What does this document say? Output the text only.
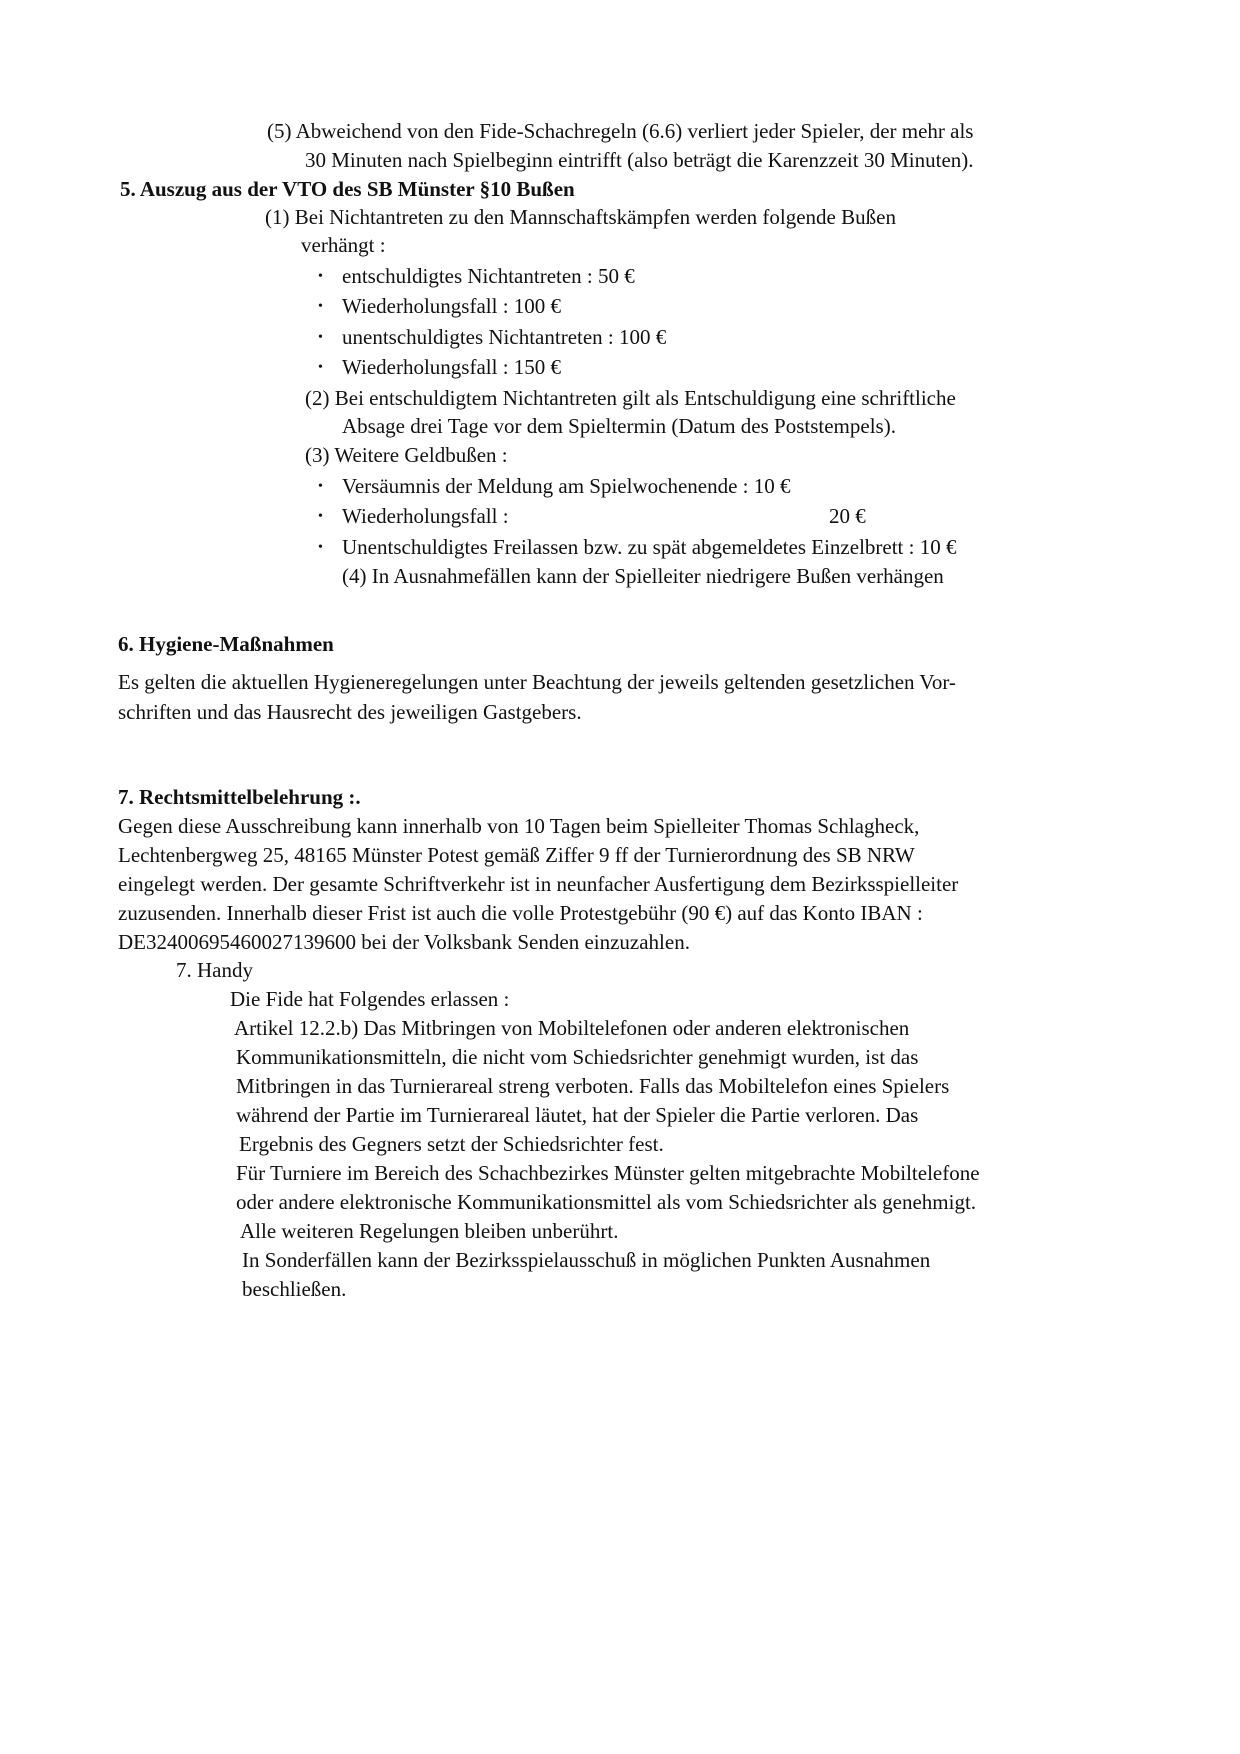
(5) Abweichend von den Fide-Schachregeln (6.6) verliert jeder Spieler, der mehr als
30 Minuten nach Spielbeginn eintrifft (also beträgt die Karenzzeit 30 Minuten).
5. Auszug aus der VTO des SB Münster §10 Bußen
(1) Bei Nichtantreten zu den Mannschaftskämpfen werden folgende Bußen
verhängt :
• entschuldigtes Nichtantreten : 50 €
• Wiederholungsfall : 100 €
• unentschuldigtes Nichtantreten : 100 €
• Wiederholungsfall : 150 €
(2) Bei entschuldigtem Nichtantreten gilt als Entschuldigung eine schriftliche
Absage drei Tage vor dem Spieltermin (Datum des Poststempels).
(3) Weitere Geldbußen :
• Versäumnis der Meldung am Spielwochenende : 10 €
• Wiederholungsfall :	20 €
• Unentschuldigtes Freilassen bzw. zu spät abgemeldetes Einzelbrett : 10 €
(4) In Ausnahmefällen kann der Spielleiter niedrigere Bußen verhängen
6. Hygiene-Maßnahmen
Es gelten die aktuellen Hygieneregelungen unter Beachtung der jeweils geltenden gesetzlichen Vor-
schriften und das Hausrecht des jeweiligen Gastgebers.
7. Rechtsmittelbelehrung :.
Gegen diese Ausschreibung kann innerhalb von 10 Tagen beim Spielleiter Thomas Schlagheck,
Lechtenbergweg 25, 48165 Münster Potest gemäß Ziffer 9 ff der Turnierordnung des SB NRW
eingelegt werden. Der gesamte Schriftverkehr ist in neunfacher Ausfertigung dem Bezirksspielleiter
zuzusenden. Innerhalb dieser Frist ist auch die volle Protestgebühr (90 €) auf das Konto IBAN :
DE32400695460027139600 bei der Volksbank Senden einzuzahlen.
7. Handy
Die Fide hat Folgendes erlassen :
Artikel 12.2.b) Das Mitbringen von Mobiltelefonen oder anderen elektronischen
Kommunikationsmitteln, die nicht vom Schiedsrichter genehmigt wurden, ist das
Mitbringen in das Turnierareal streng verboten. Falls das Mobiltelefon eines Spielers
während der Partie im Turnierareal läutet, hat der Spieler die Partie verloren. Das
Ergebnis des Gegners setzt der Schiedsrichter fest.
Für Turniere im Bereich des Schachbezirkes Münster gelten mitgebrachte Mobiltelefone
oder andere elektronische Kommunikationsmittel als vom Schiedsrichter als genehmigt.
Alle weiteren Regelungen bleiben unberührt.
In Sonderfällen kann der Bezirksspielausschuß in möglichen Punkten Ausnahmen
beschließen.
